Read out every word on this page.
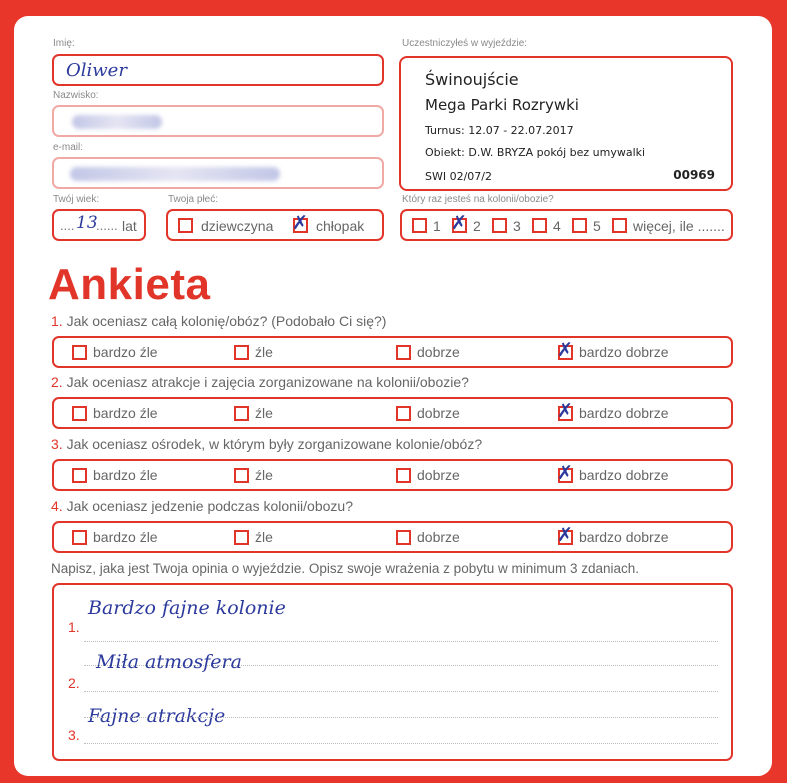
Imię:
Oliwer
Nazwisko:
e-mail:
Twój wiek:
.... 13
...... lat
Twoja płeć:
dziewczyna ✗ chłopak
Uczestniczyłeś w wyjeździe:
Świnoujście
Mega Parki Rozrywki
Turnus: 12.07 - 22.07.2017
Obiekt: D.W. BRYZA pokój bez umywalki
SWI 02/07/2	00969
Który raz jesteś na kolonii/obozie?
1 ✗ 2 3 4 5 więcej, ile .......
Ankieta
1. Jak oceniasz całą kolonię/obóz? (Podobało Ci się?)
bardzo źle	źle	dobrze	✗ bardzo dobrze
2. Jak oceniasz atrakcje i zajęcia zorganizowane na kolonii/obozie?
bardzo źle	źle	dobrze	✗ bardzo dobrze
3. Jak oceniasz ośrodek, w którym były zorganizowane kolonie/obóz?
bardzo źle	źle	dobrze	✗ bardzo dobrze
4. Jak oceniasz jedzenie podczas kolonii/obozu?
bardzo źle	źle	dobrze	✗ bardzo dobrze
Napisz, jaka jest Twoja opinia o wyjeździe. Opisz swoje wrażenia z pobytu w minimum 3 zdaniach.
1.
Bardzo fajne kolonie
2.
Miła atmosfera
3.
Fajne atrakcje
